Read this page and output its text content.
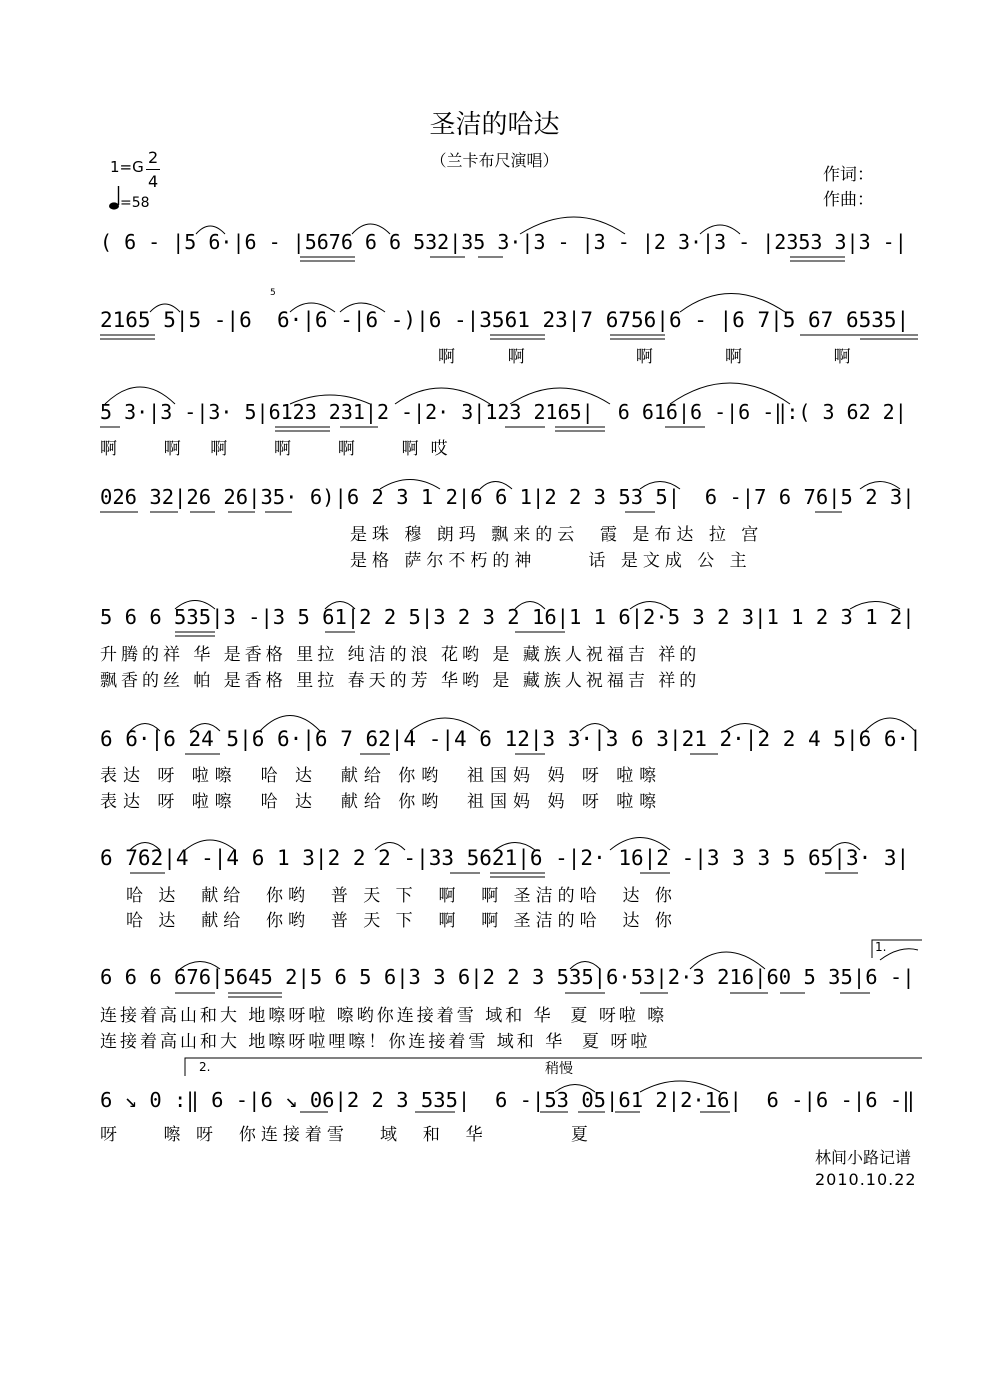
圣洁的哈达
（兰卡布尺演唱）
作词：
作曲：
1=G 2
4
=58
( 6 - |5 6·|6 - |5676 6 6 532|35 3·|3 - |3 - |2 3·|3 - |2353 3|3 -|
2165 5|5 -|6  6·|6 -|6 -)|6 -|3561 23|7 6756|6 - |6 7|5 67 6535|
啊  啊     啊   啊    啊
5 3·|3 -|3· 5|6123 231|2 -|2· 3|123 2165|  6 616|6 -|6 -‖:( 3 62 2|
啊  啊 啊  啊  啊  啊哎
026 32|26 26|35· 6)|6 2 3 1 2|6 6 1|2 2 3 53 5|  6 -|7 6 76|5 2 3|
是珠 穆 朗玛 飘来的云  霞 是布达 拉 宫
是格 萨尔不朽的神     话 是文成 公 主
5 6 6 535|3 -|3 5 61|2 2 5|3 2 3 2 16|1 1 6|2·5 3 2 3|1 1 2 3 1 2|
升腾的祥 华 是香格 里拉 纯洁的浪 花哟 是 藏族人祝福吉 祥的
飘香的丝 帕 是香格 里拉 春天的芳 华哟 是 藏族人祝福吉 祥的
6 6·|6 24 5|6 6·|6 7 62|4 -|4 6 12|3 3·|3 6 3|21 2·|2 2 4 5|6 6·|
表达 呀 啦嚓  哈 达  献给 你哟  祖国妈 妈 呀 啦嚓
表达 呀 啦嚓  哈 达  献给 你哟  祖国妈 妈 呀 啦嚓
6 762|4 -|4 6 1 3|2 2 2 -|33 5621|6 -|2· 16|2 -|3 3 3 5 65|3· 3|
哈 达  献给  你哟  普 天 下  啊  啊 圣洁的哈  达 你
哈 达  献给  你哟  普 天 下  啊  啊 圣洁的哈  达 你
6 6 6 676|5645 2|5 6 5 6|3 3 6|2 2 3 535|6·53|2·3 216|60 5 35|6 -|
连接着高山和大 地嚓呀啦 嚓哟你连接着雪 域和 华  夏 呀啦 嚓
连接着高山和大 地嚓呀啦哩嚓！你连接着雪 域和 华  夏 呀啦
6 ↘ 0 :‖ 6 -|6 ↘ 06|2 2 3 535|  6 -|53 05|61 2|2·16|  6 -|6 -|6 -‖
呀    嚓 呀  你连接着雪   域  和  华        夏
1.
2.	稍慢
5
林间小路记谱
2010.10.22
